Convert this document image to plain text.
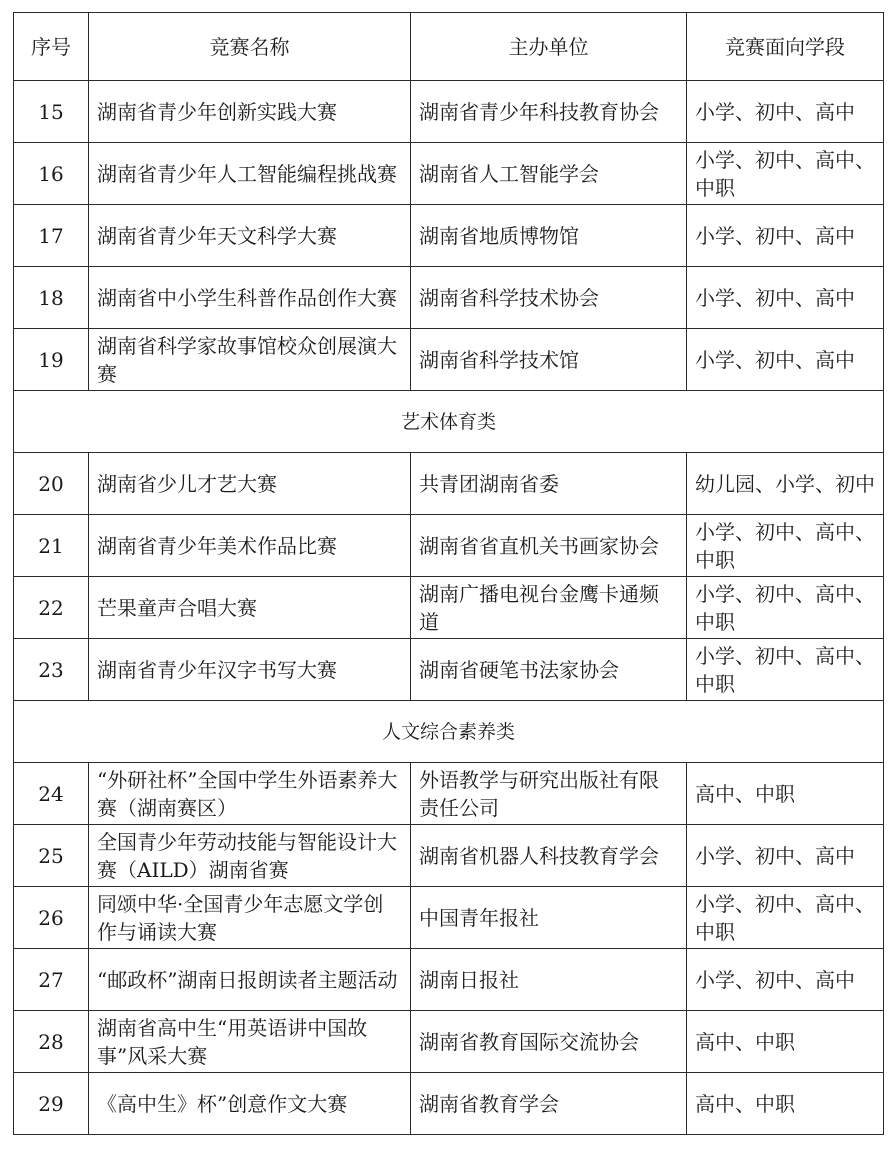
序号	竞赛名称	主办单位	竞赛面向学段
15	湖南省青少年创新实践大赛	湖南省青少年科技教育协会	小学、初中、高中
16	湖南省青少年人工智能编程挑战赛	湖南省人工智能学会	小学、初中、高中、中职
17	湖南省青少年天文科学大赛	湖南省地质博物馆	小学、初中、高中
18	湖南省中小学生科普作品创作大赛	湖南省科学技术协会	小学、初中、高中
19	湖南省科学家故事馆校众创展演大赛	湖南省科学技术馆	小学、初中、高中
艺术体育类			
20	湖南省少儿才艺大赛	共青团湖南省委	幼儿园、小学、初中
21	湖南省青少年美术作品比赛	湖南省省直机关书画家协会	小学、初中、高中、中职
22	芒果童声合唱大赛	湖南广播电视台金鹰卡通频道	小学、初中、高中、中职
23	湖南省青少年汉字书写大赛	湖南省硬笔书法家协会	小学、初中、高中、中职
人文综合素养类			
24	“外研社杯”全国中学生外语素养大赛（湖南赛区）	外语教学与研究出版社有限责任公司	高中、中职
25	全国青少年劳动技能与智能设计大赛（AILD）湖南省赛	湖南省机器人科技教育学会	小学、初中、高中
26	同颂中华·全国青少年志愿文学创作与诵读大赛	中国青年报社	小学、初中、高中、中职
27	“邮政杯”湖南日报朗读者主题活动	湖南日报社	小学、初中、高中
28	湖南省高中生“用英语讲中国故事”风采大赛	湖南省教育国际交流协会	高中、中职
29	《高中生》杯”创意作文大赛	湖南省教育学会	高中、中职
